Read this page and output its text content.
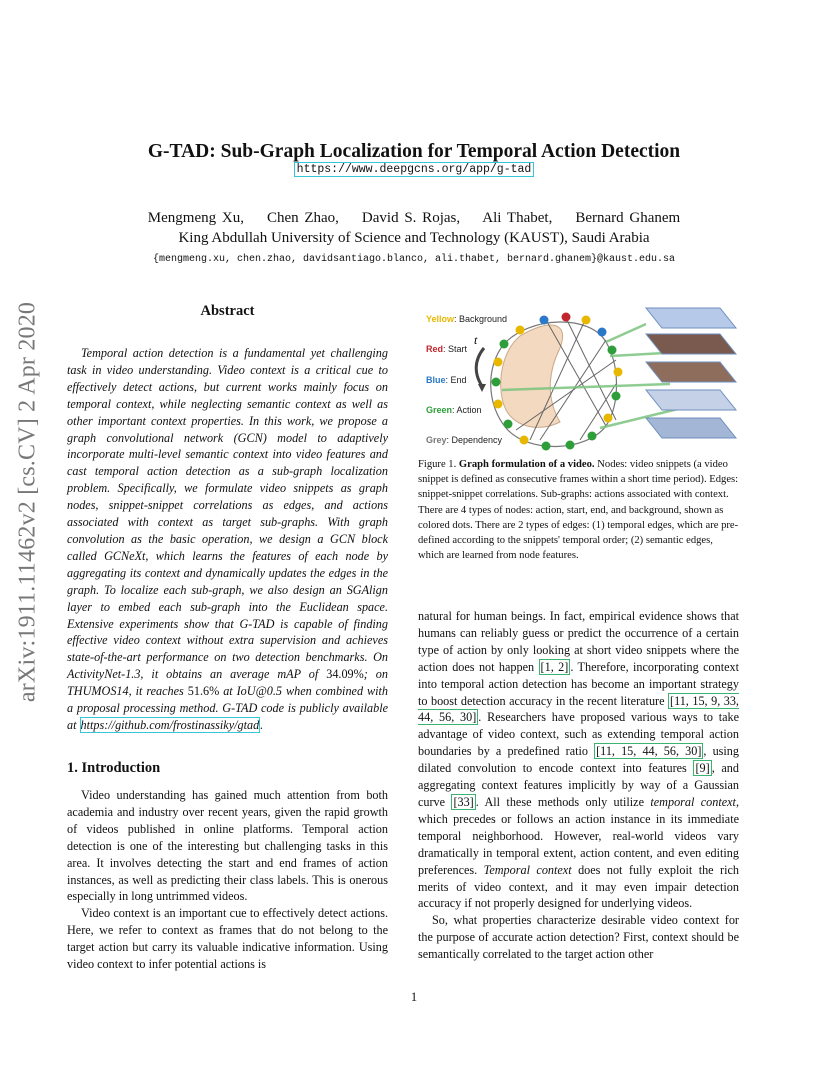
arXiv:1911.11462v2 [cs.CV] 2 Apr 2020
G-TAD: Sub-Graph Localization for Temporal Action Detection
https://www.deepgcns.org/app/g-tad
Mengmeng Xu,    Chen Zhao,    David S. Rojas,    Ali Thabet,    Bernard Ghanem
King Abdullah University of Science and Technology (KAUST), Saudi Arabia
{mengmeng.xu, chen.zhao, davidsantiago.blanco, ali.thabet, bernard.ghanem}@kaust.edu.sa
Abstract

Temporal action detection is a fundamental yet challenging task in video understanding. Video context is a critical cue to effectively detect actions, but current works mainly focus on temporal context, while neglecting semantic context as well as other important context properties. In this work, we propose a graph convolutional network (GCN) model to adaptively incorporate multi-level semantic context into video features and cast temporal action detection as a sub-graph localization problem. Specifically, we formulate video snippets as graph nodes, snippet-snippet correlations as edges, and actions associated with context as target sub-graphs. With graph convolution as the basic operation, we design a GCN block called GCNeXt, which learns the features of each node by aggregating its context and dynamically updates the edges in the graph. To localize each sub-graph, we also design an SGAlign layer to embed each sub-graph into the Euclidean space. Extensive experiments show that G-TAD is capable of finding effective video context without extra supervision and achieves state-of-the-art performance on two detection benchmarks. On ActivityNet-1.3, it obtains an average mAP of 34.09%; on THUMOS14, it reaches 51.6% at IoU@0.5 when combined with a proposal processing method. G-TAD code is publicly available at https://github.com/frostinassiky/gtad.

1. Introduction

Video understanding has gained much attention from both academia and industry over recent years, given the rapid growth of videos published in online platforms. Temporal action detection is one of the interesting but challenging tasks in this area. It involves detecting the start and end frames of action instances, as well as predicting their class labels. This is onerous especially in long untrimmed videos.

Video context is an important cue to effectively detect actions. Here, we refer to context as frames that do not belong to the target action but carry its valuable indicative information. Using video context to infer potential actions is

Yellow: Background
Red: Start
Blue: End
Green: Action
Grey: Dependency
t
Figure 1. Graph formulation of a video. Nodes: video snippets (a video snippet is defined as consecutive frames within a short time period). Edges: snippet-snippet correlations. Sub-graphs: actions associated with context. There are 4 types of nodes: action, start, end, and background, shown as colored dots. There are 2 types of edges: (1) temporal edges, which are pre-defined according to the snippets' temporal order; (2) semantic edges, which are learned from node features.

natural for human beings. In fact, empirical evidence shows that humans can reliably guess or predict the occurrence of a certain type of action by only looking at short video snippets where the action does not happen [1, 2] . Therefore, incorporating context into temporal action detection has become an important strategy to boost detection accuracy in the recent literature [11, 15, 9, 33, 44, 56, 30] . Researchers have proposed various ways to take advantage of video context, such as extending temporal action boundaries by a predefined ratio [11, 15, 44, 56, 30] , using dilated convolution to encode context into features [9] , and aggregating context features implicitly by way of a Gaussian curve [33] . All these methods only utilize temporal context, which precedes or follows an action instance in its immediate temporal neighborhood. However, real-world videos vary dramatically in temporal extent, action content, and even editing preferences. Temporal context does not fully exploit the rich merits of video context, and it may even impair detection accuracy if not properly designed for underlying videos.

So, what properties characterize desirable video context for the purpose of accurate action detection? First, context should be semantically correlated to the target action other

1
